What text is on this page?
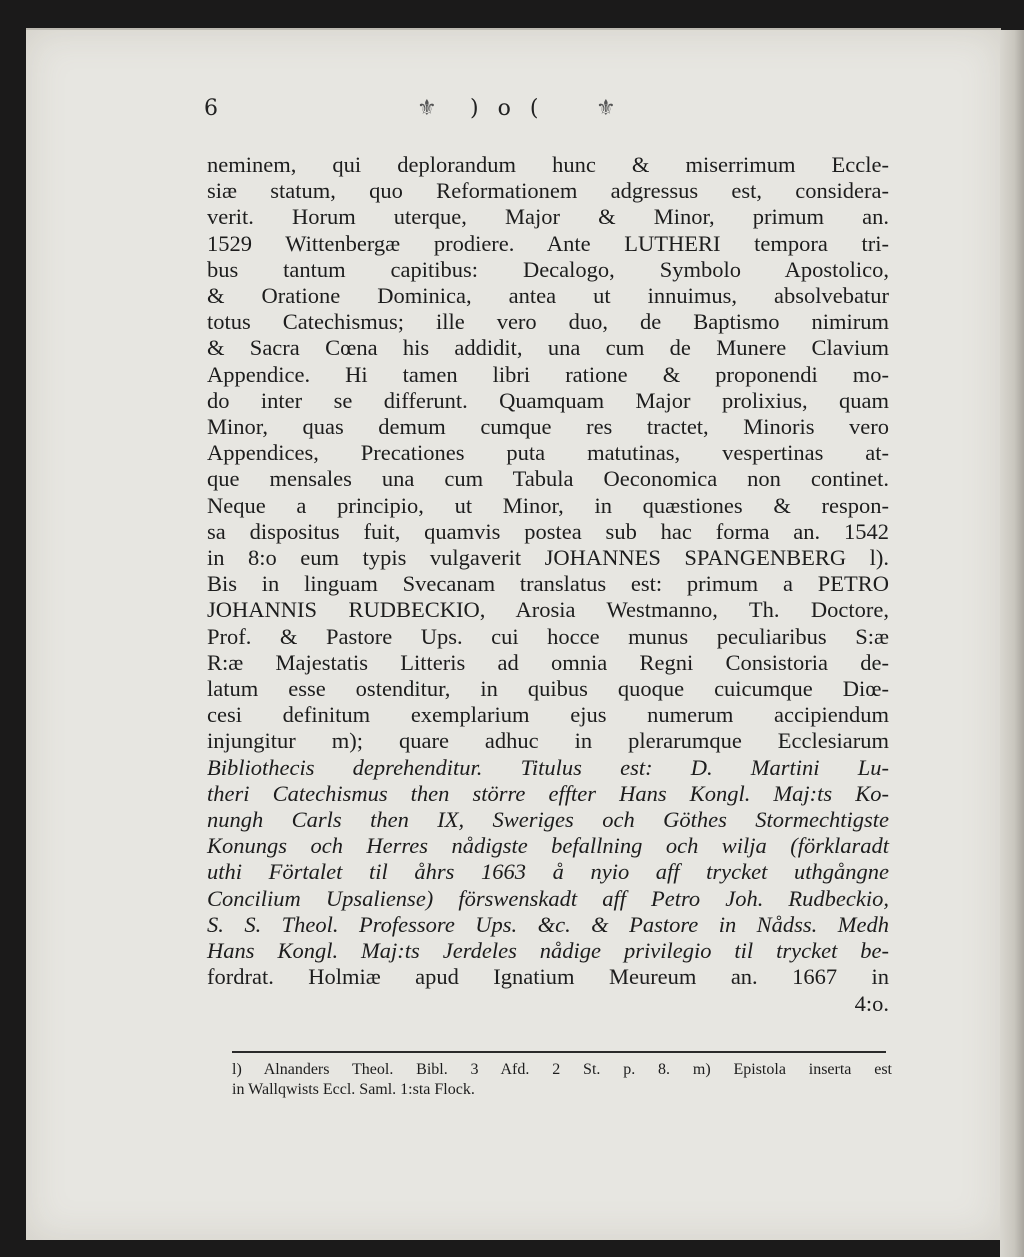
6	⚜ ) o ( ⚜
neminem, qui deplorandum hunc & miserrimum Eccle-
siæ statum, quo Reformationem adgressus est, considera-
verit. Horum uterque, Major & Minor, primum an.
1529 Wittenbergæ prodiere. Ante LUTHERI tempora tri-
bus tantum capitibus: Decalogo, Symbolo Apostolico,
& Oratione Dominica, antea ut innuimus, absolvebatur
totus Catechismus; ille vero duo, de Baptismo nimirum
& Sacra Cœna his addidit, una cum de Munere Clavium
Appendice. Hi tamen libri ratione & proponendi mo-
do inter se differunt. Quamquam Major prolixius, quam
Minor, quas demum cumque res tractet, Minoris vero
Appendices, Precationes puta matutinas, vespertinas at-
que mensales una cum Tabula Oeconomica non continet.
Neque a principio, ut Minor, in quæstiones & respon-
sa dispositus fuit, quamvis postea sub hac forma an. 1542
in 8:o eum typis vulgaverit JOHANNES SPANGENBERG l).
Bis in linguam Svecanam translatus est: primum a PETRO
JOHANNIS RUDBECKIO, Arosia Westmanno, Th. Doctore,
Prof. & Pastore Ups. cui hocce munus peculiaribus S:æ
R:æ Majestatis Litteris ad omnia Regni Consistoria de-
latum esse ostenditur, in quibus quoque cuicumque Diœ-
cesi definitum exemplarium ejus numerum accipiendum
injungitur m); quare adhuc in plerarumque Ecclesiarum
Bibliothecis deprehenditur. Titulus est: D. Martini Lu-
theri Catechismus then större effter Hans Kongl. Maj:ts Ko-
nungh Carls then IX, Sweriges och Göthes Stormechtigste
Konungs och Herres nådigste befallning och wilja (förklaradt
uthi Förtalet til åhrs 1663 å nyio aff trycket uthgångne
Concilium Upsaliense) förswenskadt aff Petro Joh. Rudbeckio,
S. S. Theol. Professore Ups. &c. & Pastore in Nådss. Medh
Hans Kongl. Maj:ts Jerdeles nådige privilegio til trycket be-
fordrat. Holmiæ apud Ignatium Meureum an. 1667 in
4:o.
l) Alnanders Theol. Bibl. 3 Afd. 2 St. p. 8. m) Epistola inserta est
in Wallqwists Eccl. Saml. 1:sta Flock.
